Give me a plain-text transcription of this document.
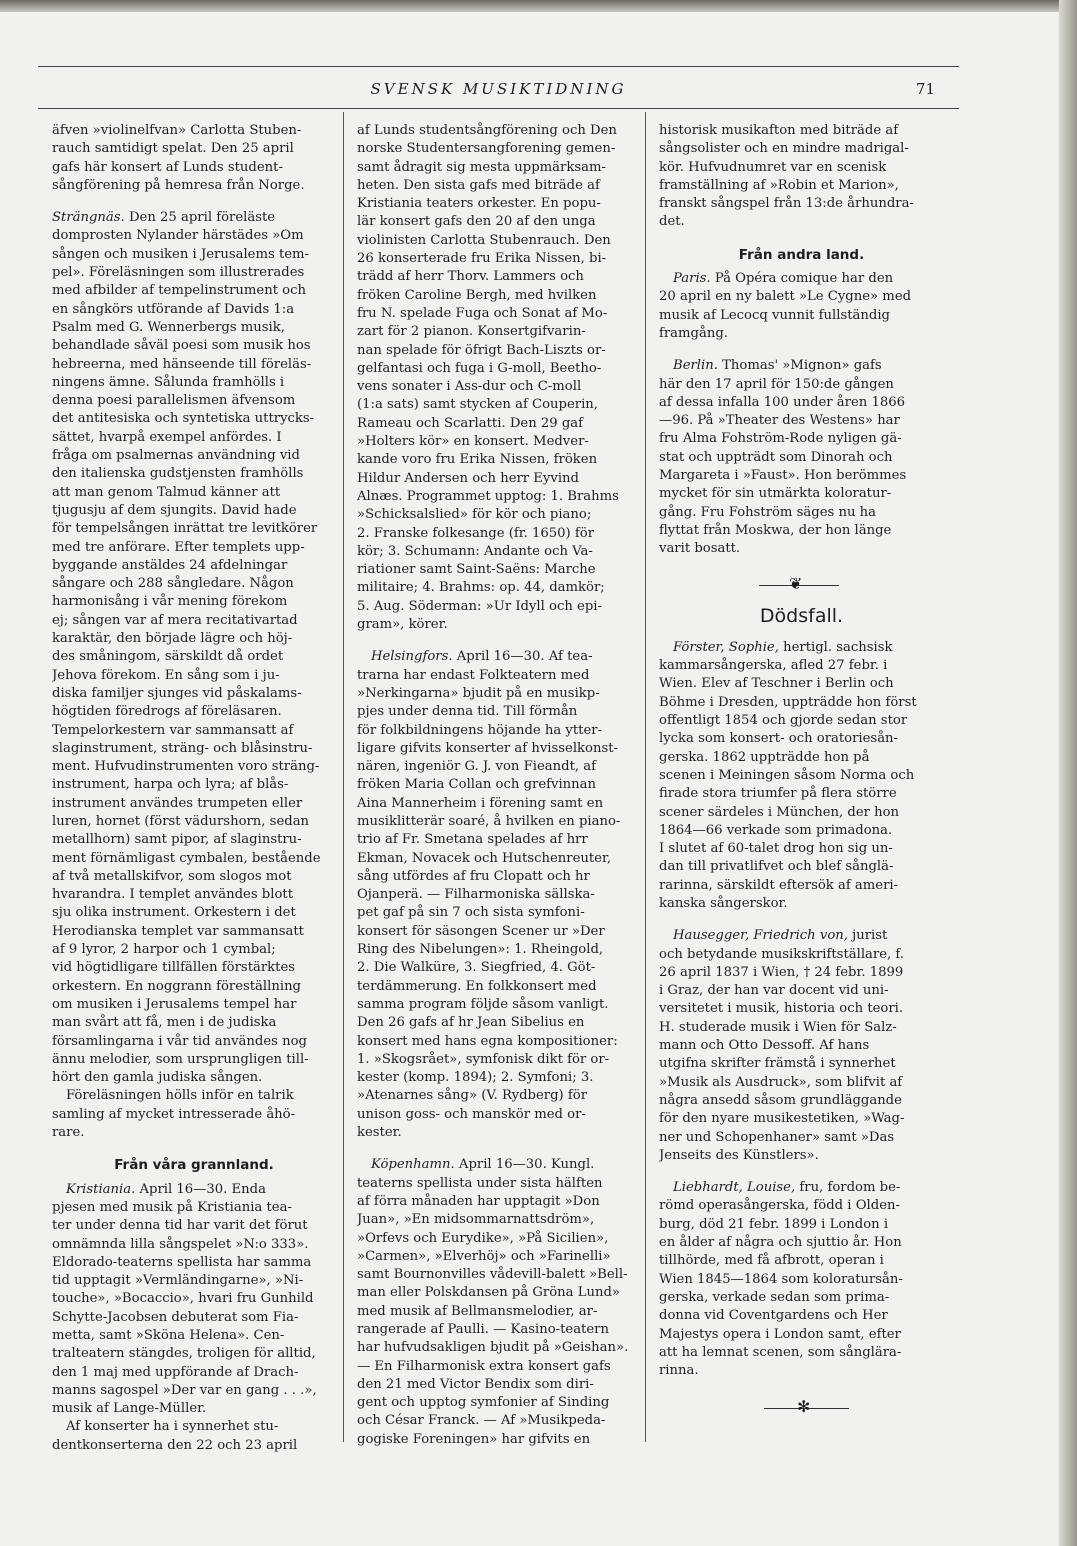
SVENSK MUSIKTIDNING	71

äfven »violinelfvan» Carlotta Stuben-

rauch samtidigt spelat. Den 25 april

gafs här konsert af Lunds student-

sångförening på hemresa från Norge.

Strängnäs. Den 25 april föreläste

domprosten Nylander härstädes »Om

sången och musiken i Jerusalems tem-

pel». Föreläsningen som illustrerades

med afbilder af tempelinstrument och

en sångkörs utförande af Davids 1:a

Psalm med G. Wennerbergs musik,

behandlade såväl poesi som musik hos

hebreerna, med hänseende till föreläs-

ningens ämne. Sålunda framhölls i

denna poesi parallelismen äfvensom

det antitesiska och syntetiska uttrycks-

sättet, hvarpå exempel anfördes. I

fråga om psalmernas användning vid

den italienska gudstjensten framhölls

att man genom Talmud känner att

tjugusju af dem sjungits. David hade

för tempelsången inrättat tre levitkörer

med tre anförare. Efter templets upp-

byggande anstäldes 24 afdelningar

sångare och 288 sångledare. Någon

harmonisång i vår mening förekom

ej; sången var af mera recitativartad

karaktär, den började lägre och höj-

des småningom, särskildt då ordet

Jehova förekom. En sång som i ju-

diska familjer sjunges vid påskalams-

högtiden föredrogs af föreläsaren.

Tempelorkestern var sammansatt af

slaginstrument, sträng- och blåsinstru-

ment. Hufvudinstrumenten voro sträng-

instrument, harpa och lyra; af blås-

instrument användes trumpeten eller

luren, hornet (först vädurshorn, sedan

metallhorn) samt pipor, af slaginstru-

ment förnämligast cymbalen, bestående

af två metallskifvor, som slogos mot

hvarandra. I templet användes blott

sju olika instrument. Orkestern i det

Herodianska templet var sammansatt

af 9 lyror, 2 harpor och 1 cymbal;

vid högtidligare tillfällen förstärktes

orkestern. En noggrann föreställning

om musiken i Jerusalems tempel har

man svårt att få, men i de judiska

församlingarna i vår tid användes nog

ännu melodier, som ursprungligen till-

hört den gamla judiska sången.

Föreläsningen hölls inför en talrik

samling af mycket intresserade åhö-

rare.

Från våra grannland.

Kristiania. April 16—30. Enda

pjesen med musik på Kristiania tea-

ter under denna tid har varit det förut

omnämnda lilla sångspelet »N:o 333».

Eldorado-teaterns spellista har samma

tid upptagit »Vermländingarne», »Ni-

touche», »Bocaccio», hvari fru Gunhild

Schytte-Jacobsen debuterat som Fia-

metta, samt »Sköna Helena». Cen-

tralteatern stängdes, troligen för alltid,

den 1 maj med uppförande af Drach-

manns sagospel »Der var en gang . . .»,

musik af Lange-Müller.

Af konserter ha i synnerhet stu-

dentkonserterna den 22 och 23 april

af Lunds studentsångförening och Den

norske Studentersangforening gemen-

samt ådragit sig mesta uppmärksam-

heten. Den sista gafs med biträde af

Kristiania teaters orkester. En popu-

lär konsert gafs den 20 af den unga

violinisten Carlotta Stubenrauch. Den

26 konserterade fru Erika Nissen, bi-

trädd af herr Thorv. Lammers och

fröken Caroline Bergh, med hvilken

fru N. spelade Fuga och Sonat af Mo-

zart för 2 pianon. Konsertgifvarin-

nan spelade för öfrigt Bach-Liszts or-

gelfantasi och fuga i G-moll, Beetho-

vens sonater i Ass-dur och C-moll

(1:a sats) samt stycken af Couperin,

Rameau och Scarlatti. Den 29 gaf

»Holters kör» en konsert. Medver-

kande voro fru Erika Nissen, fröken

Hildur Andersen och herr Eyvind

Alnæs. Programmet upptog: 1. Brahms

»Schicksalslied» för kör och piano;

2. Franske folkesange (fr. 1650) för

kör; 3. Schumann: Andante och Va-

riationer samt Saint-Saëns: Marche

militaire; 4. Brahms: op. 44, damkör;

5. Aug. Söderman: »Ur Idyll och epi-

gram», körer.

Helsingfors. April 16—30. Af tea-

trarna har endast Folkteatern med

»Nerkingarna» bjudit på en musikp-

pjes under denna tid. Till förmån

för folkbildningens höjande ha ytter-

ligare gifvits konserter af hvisselkonst-

nären, ingeniör G. J. von Fieandt, af

fröken Maria Collan och grefvinnan

Aina Mannerheim i förening samt en

musiklitterär soaré, å hvilken en piano-

trio af Fr. Smetana spelades af hrr

Ekman, Novacek och Hutschenreuter,

sång utfördes af fru Clopatt och hr

Ojanperä. — Filharmoniska sällska-

pet gaf på sin 7 och sista symfoni-

konsert för säsongen Scener ur »Der

Ring des Nibelungen»: 1. Rheingold,

2. Die Walküre, 3. Siegfried, 4. Göt-

terdämmerung. En folkkonsert med

samma program följde såsom vanligt.

Den 26 gafs af hr Jean Sibelius en

konsert med hans egna kompositioner:

1. »Skogsrået», symfonisk dikt för or-

kester (komp. 1894); 2. Symfoni; 3.

»Atenarnes sång» (V. Rydberg) för

unison goss- och manskör med or-

kester.

Köpenhamn. April 16—30. Kungl.

teaterns spellista under sista hälften

af förra månaden har upptagit »Don

Juan», »En midsommarnattsdröm»,

»Orfevs och Eurydike», »På Sicilien»,

»Carmen», »Elverhöj» och »Farinelli»

samt Bournonvilles vådevill-balett »Bell-

man eller Polskdansen på Gröna Lund»

med musik af Bellmansmelodier, ar-

rangerade af Paulli. — Kasino-teatern

har hufvudsakligen bjudit på »Geishan».

— En Filharmonisk extra konsert gafs

den 21 med Victor Bendix som diri-

gent och upptog symfonier af Sinding

och César Franck. — Af »Musikpeda-

gogiske Foreningen» har gifvits en

historisk musikafton med biträde af

sångsolister och en mindre madrigal-

kör. Hufvudnumret var en scenisk

framställning af »Robin et Marion»,

franskt sångspel från 13:de århundra-

det.

Från andra land.

Paris. På Opéra comique har den

20 april en ny balett »Le Cygne» med

musik af Lecocq vunnit fullständig

framgång.

Berlin. Thomas' »Mignon» gafs

här den 17 april för 150:de gången

af dessa infalla 100 under åren 1866

—96. På »Theater des Westens» har

fru Alma Fohström-Rode nyligen gä-

stat och uppträdt som Dinorah och

Margareta i »Faust». Hon berömmes

mycket för sin utmärkta koloratur-

gång. Fru Fohström säges nu ha

flyttat från Moskwa, der hon länge

varit bosatt.

❦
Dödsfall.

Förster, Sophie, hertigl. sachsisk

kammarsångerska, afled 27 febr. i

Wien. Elev af Teschner i Berlin och

Böhme i Dresden, uppträdde hon först

offentligt 1854 och gjorde sedan stor

lycka som konsert- och oratoriesån-

gerska. 1862 uppträdde hon på

scenen i Meiningen såsom Norma och

firade stora triumfer på flera större

scener särdeles i München, der hon

1864—66 verkade som primadona.

I slutet af 60-talet drog hon sig un-

dan till privatlifvet och blef sånglä-

rarinna, särskildt eftersök af ameri-

kanska sångerskor.

Hausegger, Friedrich von, jurist

och betydande musikskriftställare, f.

26 april 1837 i Wien, † 24 febr. 1899

i Graz, der han var docent vid uni-

versitetet i musik, historia och teori.

H. studerade musik i Wien för Salz-

mann och Otto Dessoff. Af hans

utgifna skrifter främstå i synnerhet

»Musik als Ausdruck», som blifvit af

några ansedd såsom grundläggande

för den nyare musikestetiken, »Wag-

ner und Schopenhaner» samt »Das

Jenseits des Künstlers».

Liebhardt, Louise, fru, fordom be-

römd operasångerska, född i Olden-

burg, död 21 febr. 1899 i London i

en ålder af några och sjuttio år. Hon

tillhörde, med få afbrott, operan i

Wien 1845—1864 som koloratursån-

gerska, verkade sedan som prima-

donna vid Coventgardens och Her

Majestys opera i London samt, efter

att ha lemnat scenen, som sånglära-

rinna.

✻
